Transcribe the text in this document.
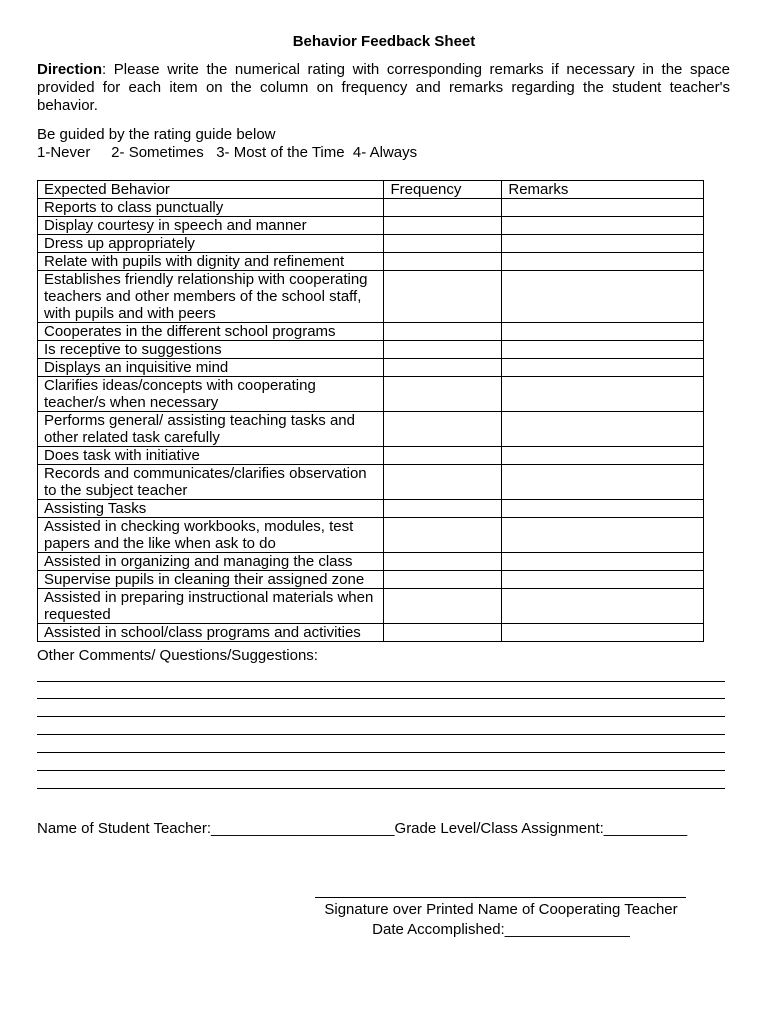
Behavior Feedback Sheet
Direction: Please write the numerical rating with corresponding remarks if necessary in the space provided for each item on the column on frequency and remarks regarding the student teacher's behavior.
Be guided by the rating guide below
1-Never     2- Sometimes   3- Most of the Time  4- Always
Expected Behavior	Frequency	Remarks
Reports to class punctually		
Display courtesy in speech and manner		
Dress up appropriately		
Relate with pupils with dignity and refinement		
Establishes friendly relationship with cooperating teachers and other members of the school staff, with pupils and with peers		
Cooperates in the different school programs		
Is receptive to suggestions		
Displays an inquisitive mind		
Clarifies ideas/concepts with cooperating teacher/s when necessary		
Performs general/ assisting teaching tasks and other related task carefully		
Does task with initiative		
Records and communicates/clarifies observation to the subject teacher		
Assisting Tasks		
Assisted in checking workbooks, modules, test papers and the like when ask to do		
Assisted in organizing and managing the class		
Supervise pupils in cleaning their assigned zone		
Assisted in preparing instructional materials when requested		
Assisted in school/class programs and activities		
Other Comments/ Questions/Suggestions:
Name of Student Teacher:______________________Grade Level/Class Assignment:__________
Signature over Printed Name of Cooperating Teacher
Date Accomplished:_______________
